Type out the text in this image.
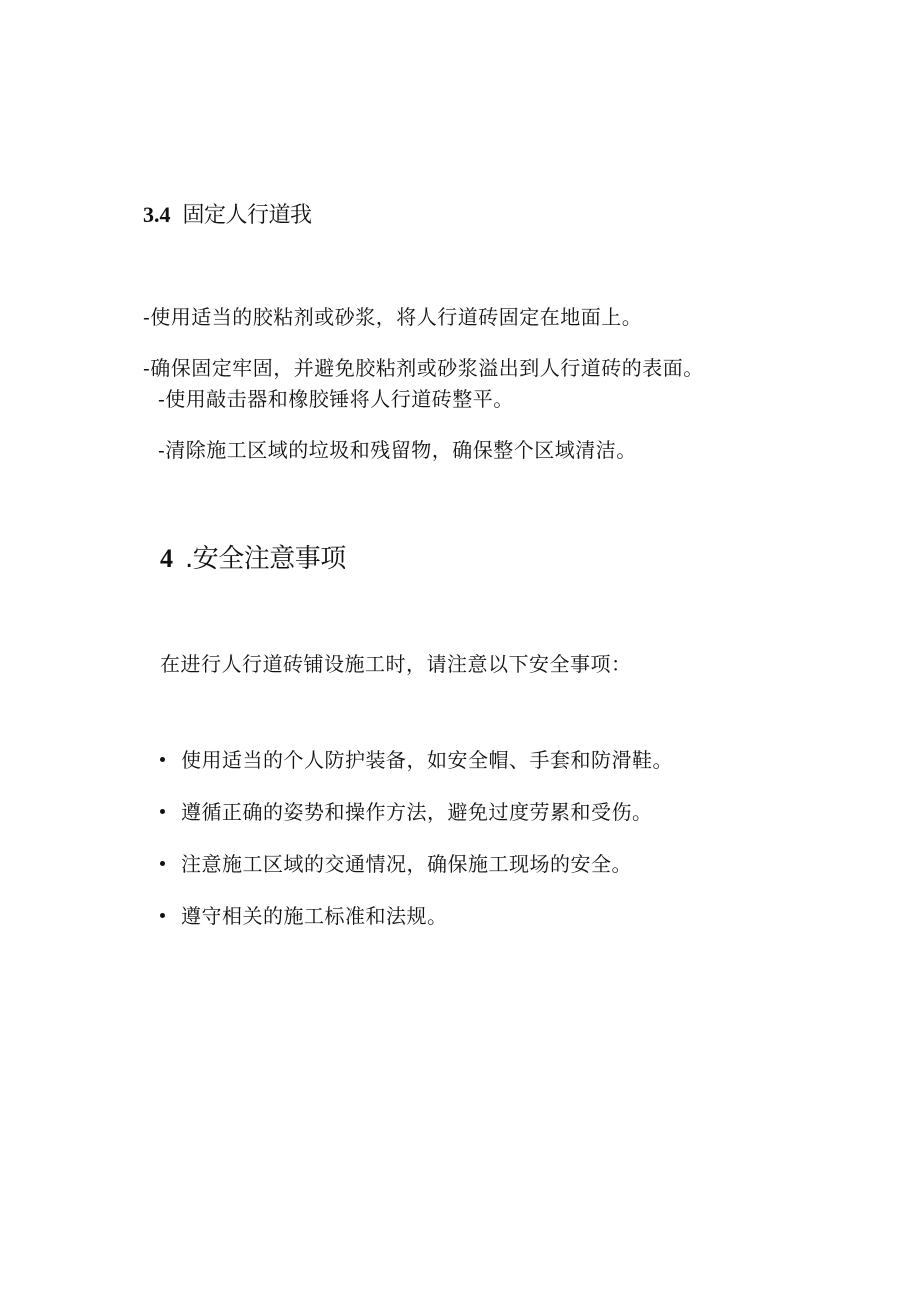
3.4 固定人行道我
-使用适当的胶粘剂或砂浆，将人行道砖固定在地面上。
-确保固定牢固，并避免胶粘剂或砂浆溢出到人行道砖的表面。
-使用敲击器和橡胶锤将人行道砖整平。
-清除施工区域的垃圾和残留物，确保整个区域清洁。
4 .安全注意事项
在进行人行道砖铺设施工时，请注意以下安全事项：
使用适当的个人防护装备，如安全帽、手套和防滑鞋。
遵循正确的姿势和操作方法，避免过度劳累和受伤。
注意施工区域的交通情况，确保施工现场的安全。
遵守相关的施工标准和法规。
